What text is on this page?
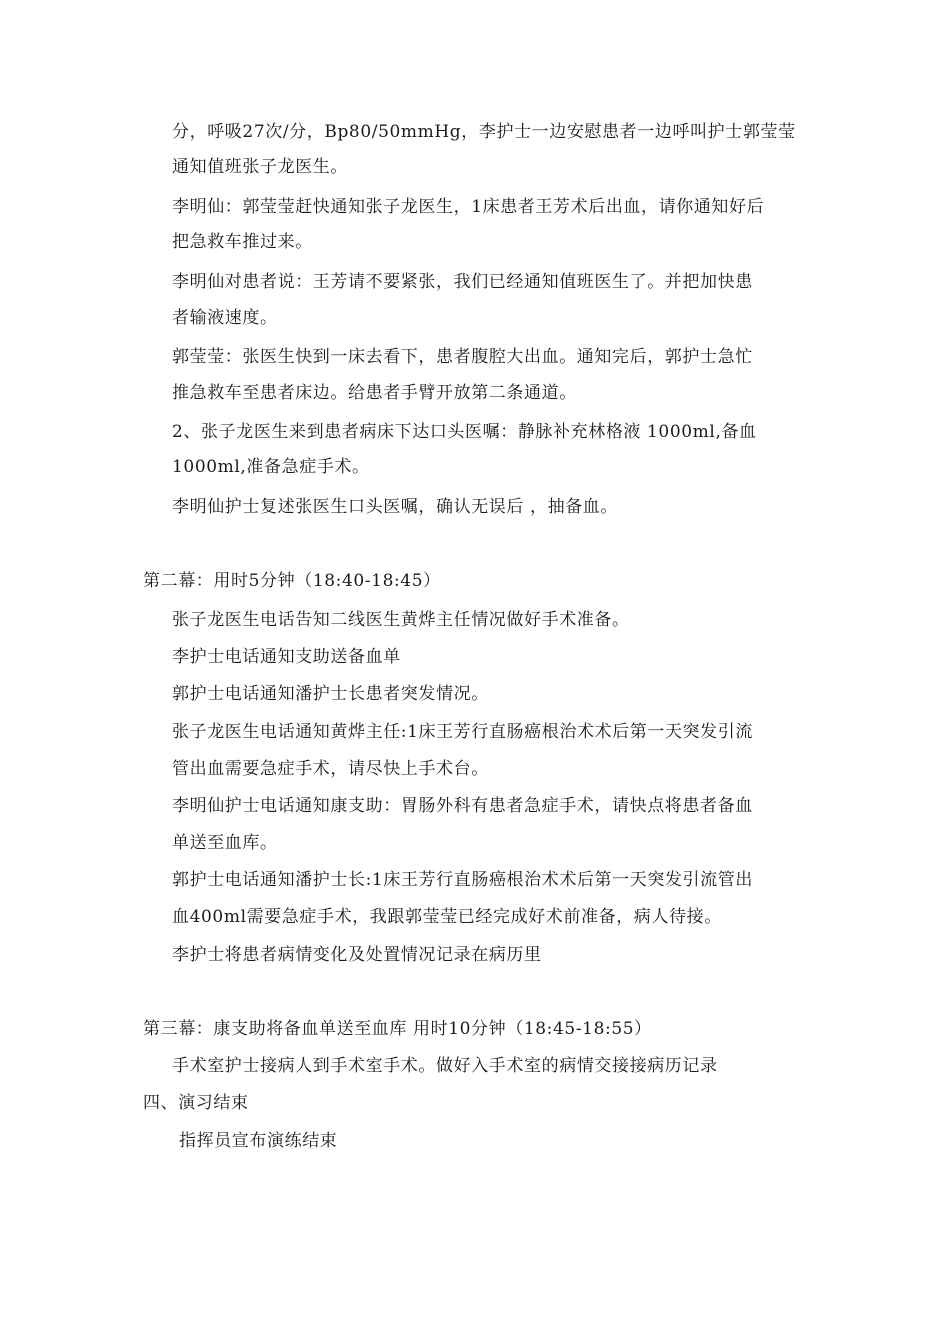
分，呼吸27次/分，Bp80/50mmHg，李护士一边安慰患者一边呼叫护士郭莹莹
通知值班张子龙医生。
李明仙：郭莹莹赶快通知张子龙医生，1床患者王芳术后出血，请你通知好后
把急救车推过来。
李明仙对患者说：王芳请不要紧张，我们已经通知值班医生了。并把加快患
者输液速度。
郭莹莹：张医生快到一床去看下，患者腹腔大出血。通知完后，郭护士急忙
推急救车至患者床边。给患者手臂开放第二条通道。
2、张子龙医生来到患者病床下达口头医嘱：静脉补充林格液 1000ml,备血
1000ml,准备急症手术。
李明仙护士复述张医生口头医嘱，确认无误后 ，抽备血。
第二幕：用时5分钟（18:40-18:45）
张子龙医生电话告知二线医生黄烨主任情况做好手术准备。
李护士电话通知支助送备血单
郭护士电话通知潘护士长患者突发情况。
张子龙医生电话通知黄烨主任:1床王芳行直肠癌根治术术后第一天突发引流
管出血需要急症手术，请尽快上手术台。
李明仙护士电话通知康支助：胃肠外科有患者急症手术，请快点将患者备血
单送至血库。
郭护士电话通知潘护士长:1床王芳行直肠癌根治术术后第一天突发引流管出
血400ml需要急症手术，我跟郭莹莹已经完成好术前准备，病人待接。
李护士将患者病情变化及处置情况记录在病历里
第三幕：康支助将备血单送至血库 用时10分钟（18:45-18:55）
手术室护士接病人到手术室手术。做好入手术室的病情交接接病历记录
四、演习结束
指挥员宣布演练结束
